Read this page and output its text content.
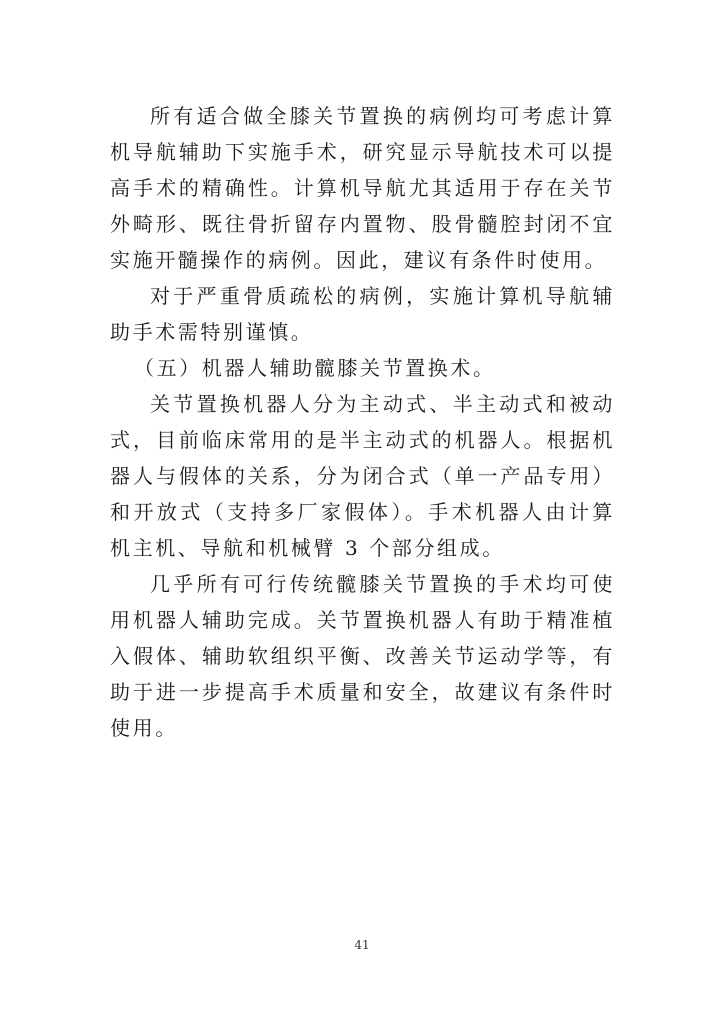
所有适合做全膝关节置换的病例均可考虑计算机导航辅助下实施手术，研究显示导航技术可以提高手术的精确性。计算机导航尤其适用于存在关节外畸形、既往骨折留存内置物、股骨髓腔封闭不宜实施开髓操作的病例。因此，建议有条件时使用。

对于严重骨质疏松的病例，实施计算机导航辅助手术需特别谨慎。

（五）机器人辅助髋膝关节置换术。

关节置换机器人分为主动式、半主动式和被动式，目前临床常用的是半主动式的机器人。根据机器人与假体的关系，分为闭合式（单一产品专用）和开放式（支持多厂家假体）。手术机器人由计算机主机、导航和机械臂 3 个部分组成。

几乎所有可行传统髋膝关节置换的手术均可使用机器人辅助完成。关节置换机器人有助于精准植入假体、辅助软组织平衡、改善关节运动学等，有助于进一步提高手术质量和安全，故建议有条件时使用。

41
